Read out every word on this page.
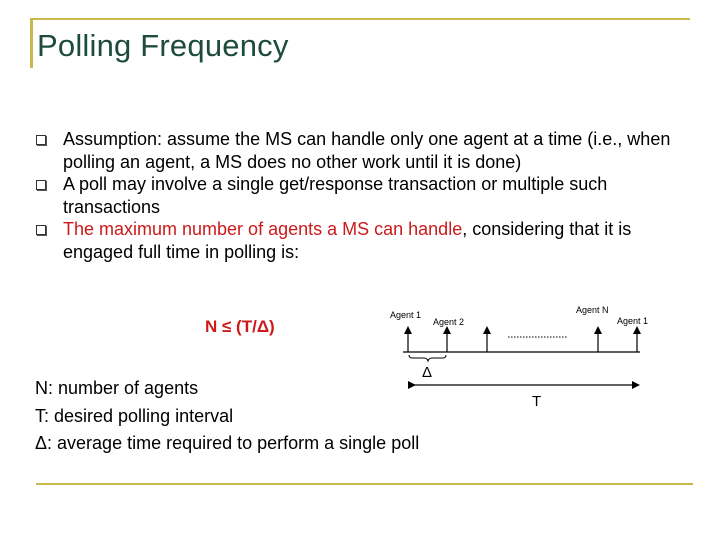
Polling Frequency
Assumption: assume the MS can handle only one agent at a time (i.e., when polling an agent, a MS does no other work until it is done)
A poll may involve a single get/response transaction or multiple such transactions
The maximum number of agents a MS can handle, considering that it is engaged full time in polling is:
N ≤ (T/Δ)
Agent 1
Agent 2
Agent N
Agent 1
Δ
T
N: number of agents
T: desired polling interval
Δ: average time required to perform a single poll
